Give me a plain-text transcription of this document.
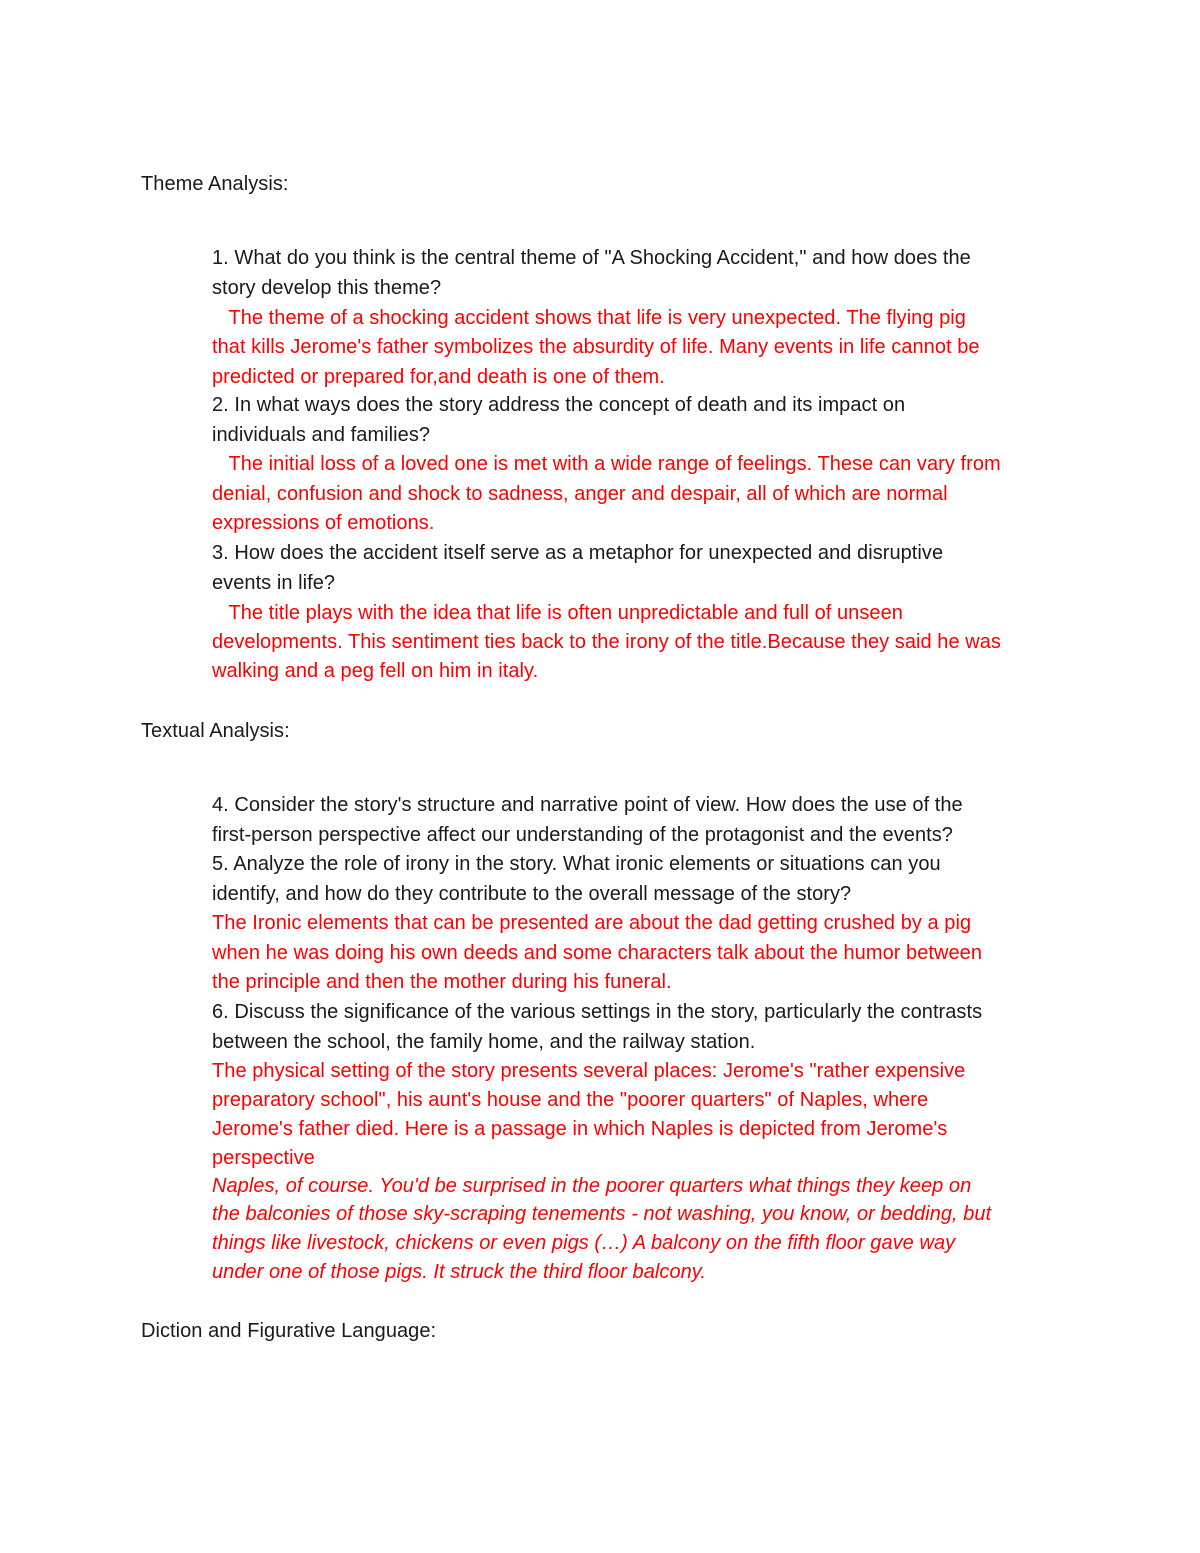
Theme Analysis:
1. What do you think is the central theme of "A Shocking Accident," and how does the
story develop this theme?
The theme of a shocking accident shows that life is very unexpected. The flying pig
that kills Jerome's father symbolizes the absurdity of life. Many events in life cannot be
predicted or prepared for,and death is one of them.
2. In what ways does the story address the concept of death and its impact on
individuals and families?
The initial loss of a loved one is met with a wide range of feelings. These can vary from
denial, confusion and shock to sadness, anger and despair, all of which are normal
expressions of emotions.
3. How does the accident itself serve as a metaphor for unexpected and disruptive
events in life?
The title plays with the idea that life is often unpredictable and full of unseen
developments. This sentiment ties back to the irony of the title.Because they said he was
walking and a peg fell on him in italy.
Textual Analysis:
4. Consider the story's structure and narrative point of view. How does the use of the
first-person perspective affect our understanding of the protagonist and the events?
5. Analyze the role of irony in the story. What ironic elements or situations can you
identify, and how do they contribute to the overall message of the story?
The Ironic elements that can be presented are about the dad getting crushed by a pig
when he was doing his own deeds and some characters talk about the humor between
the principle and then the mother during his funeral.
6. Discuss the significance of the various settings in the story, particularly the contrasts
between the school, the family home, and the railway station.
The physical setting of the story presents several places: Jerome's "rather expensive
preparatory school", his aunt's house and the "poorer quarters" of Naples, where
Jerome's father died. Here is a passage in which Naples is depicted from Jerome's
perspective
Naples, of course. You'd be surprised in the poorer quarters what things they keep on
the balconies of those sky-scraping tenements - not washing, you know, or bedding, but
things like livestock, chickens or even pigs (…) A balcony on the fifth floor gave way
under one of those pigs. It struck the third floor balcony.
Diction and Figurative Language:
